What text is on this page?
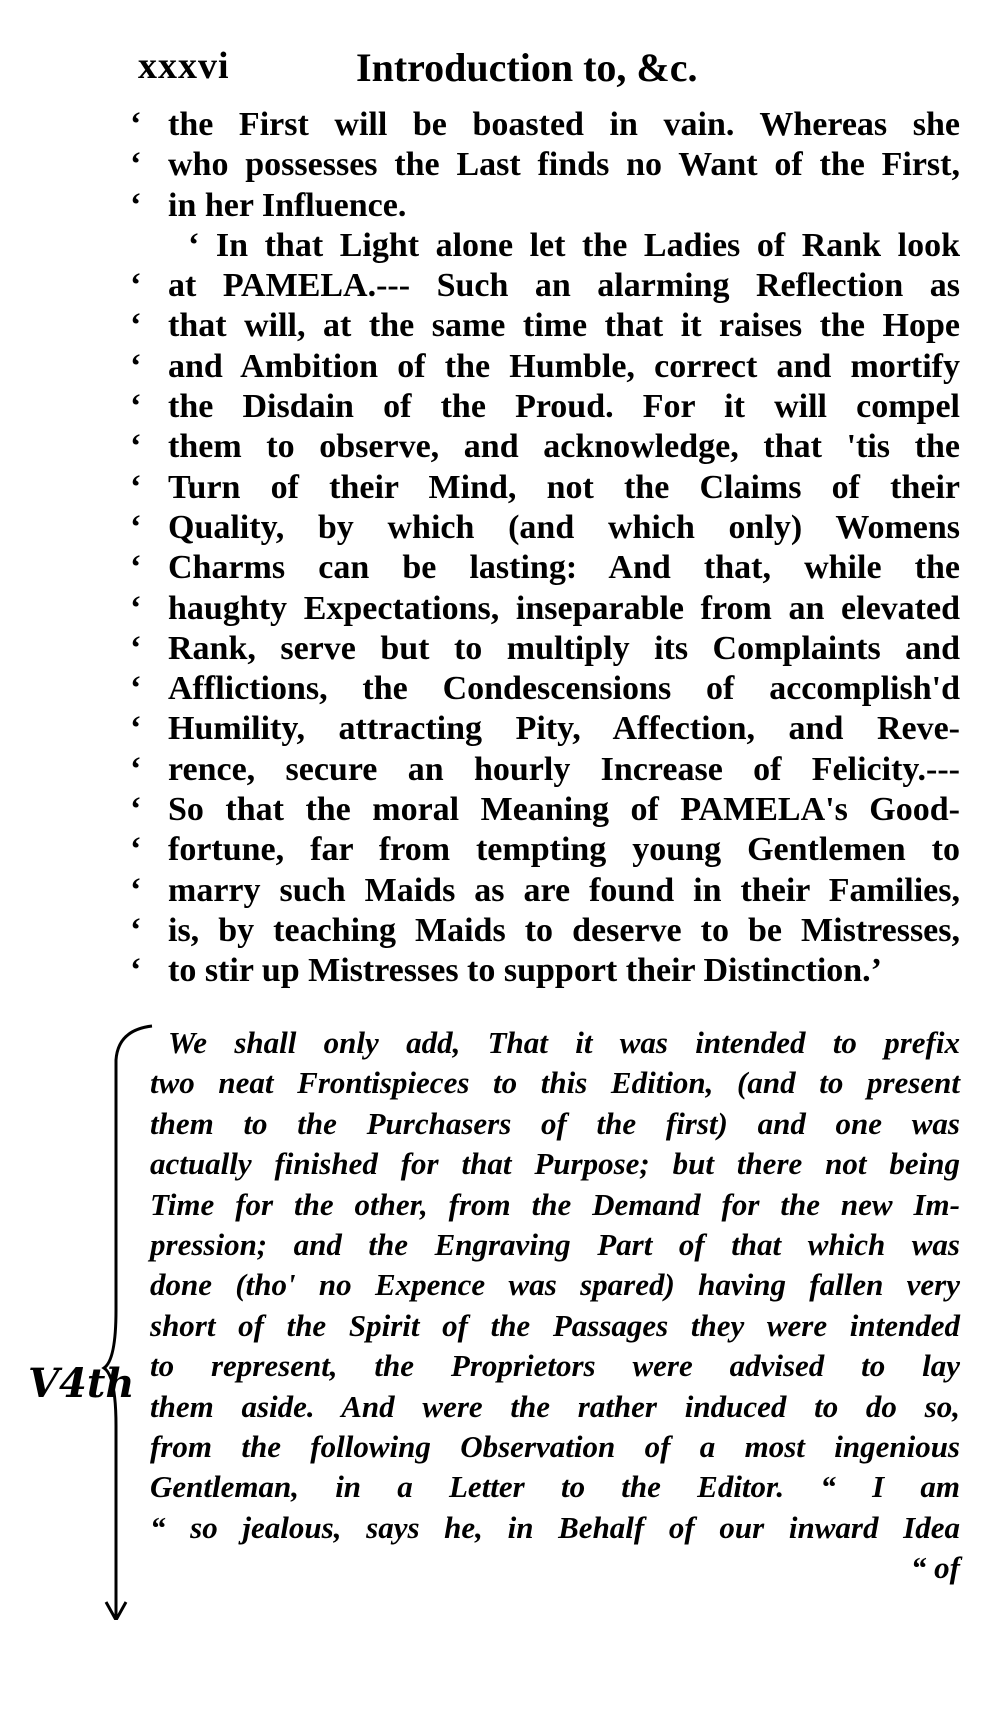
xxxvi	Introduction to, &c.
‘ the First will be boasted in vain. Whereas she
‘ who possesses the Last finds no Want of the First,
‘ in her Influence.
‘ In that Light alone let the Ladies of Rank look
‘ at PAMELA.--- Such an alarming Reflection as
‘ that will, at the same time that it raises the Hope
‘ and Ambition of the Humble, correct and mortify
‘ the Disdain of the Proud. For it will compel
‘ them to observe, and acknowledge, that 'tis the
‘ Turn of their Mind, not the Claims of their
‘ Quality, by which (and which only) Womens
‘ Charms can be lasting: And that, while the
‘ haughty Expectations, inseparable from an elevated
‘ Rank, serve but to multiply its Complaints and
‘ Afflictions, the Condescensions of accomplish'd
‘ Humility, attracting Pity, Affection, and Reve-
‘ rence, secure an hourly Increase of Felicity.---
‘ So that the moral Meaning of PAMELA's Good-
‘ fortune, far from tempting young Gentlemen to
‘ marry such Maids as are found in their Families,
‘ is, by teaching Maids to deserve to be Mistresses,
‘ to stir up Mistresses to support their Distinction.’
We shall only add, That it was intended to prefix
two neat Frontispieces to this Edition, (and to present
them to the Purchasers of the first) and one was
actually finished for that Purpose; but there not being
Time for the other, from the Demand for the new Im-
pression; and the Engraving Part of that which was
done (tho' no Expence was spared) having fallen very
short of the Spirit of the Passages they were intended
to represent, the Proprietors were advised to lay
them aside. And were the rather induced to do so,
from the following Observation of a most ingenious
Gentleman, in a Letter to the Editor. “ I am
“ so jealous, says he, in Behalf of our inward Idea
“ of
V4th
